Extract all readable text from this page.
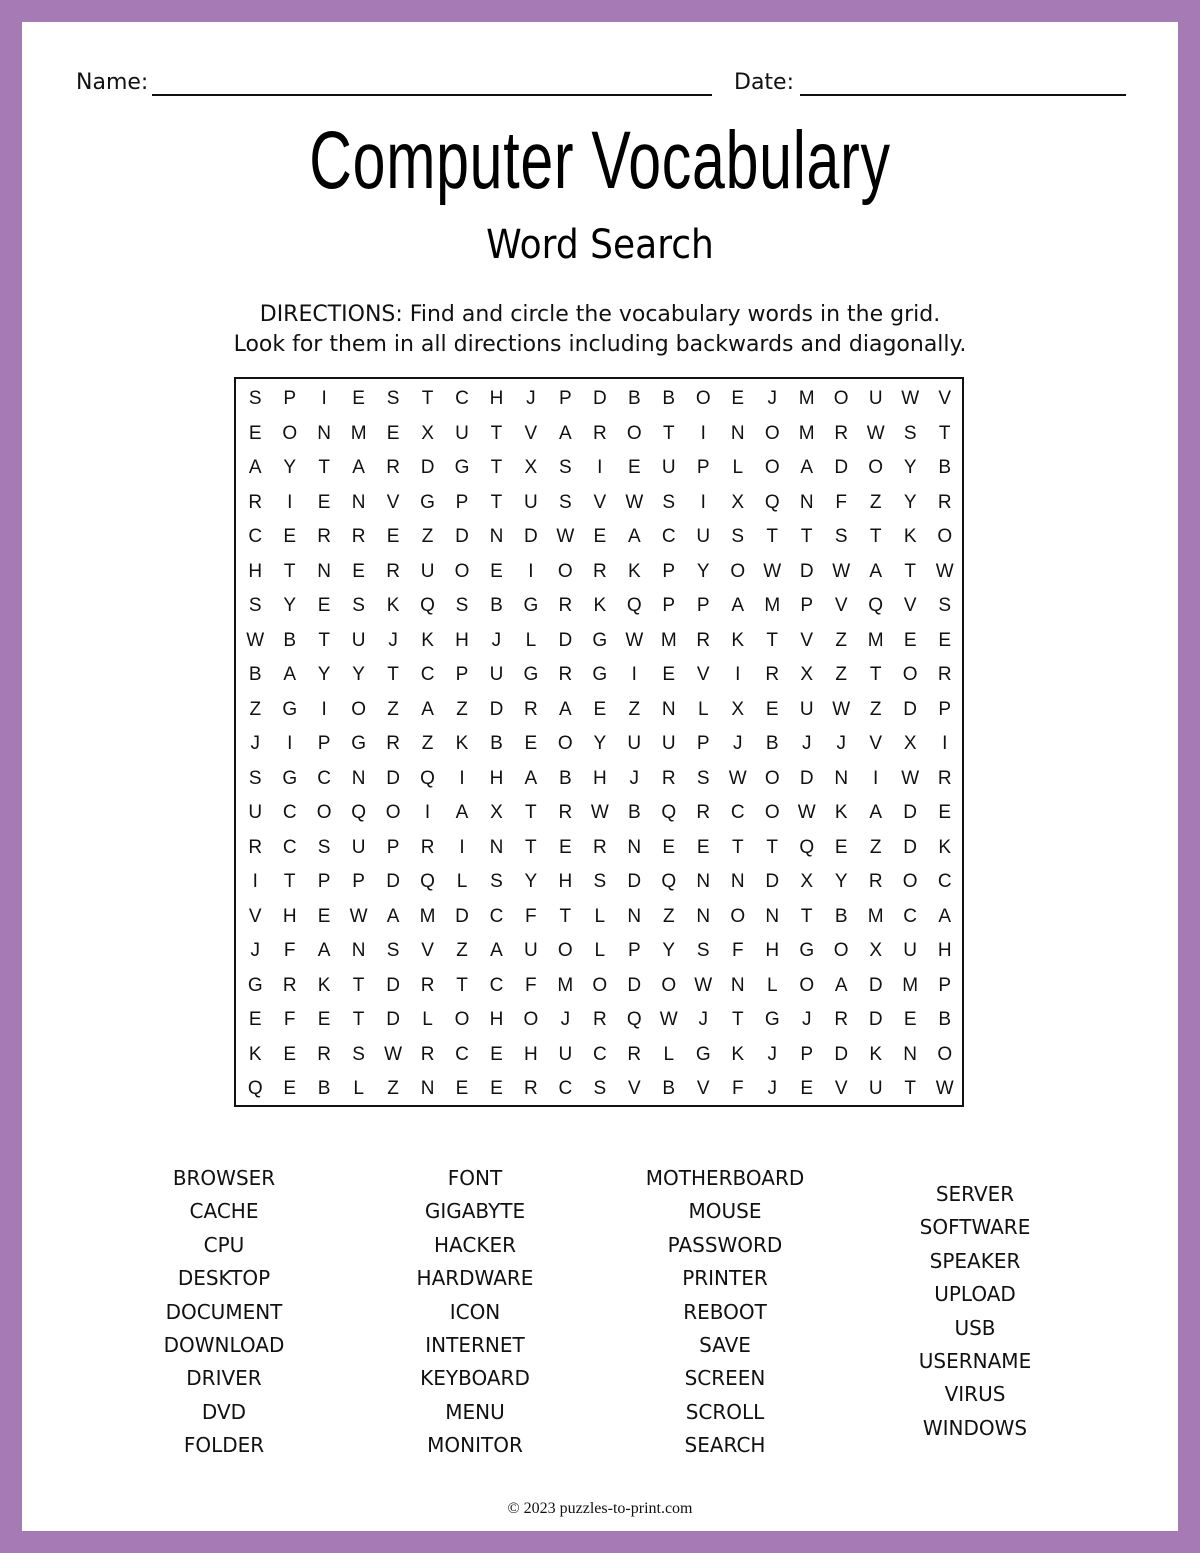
Name:	Date:
Computer Vocabulary
Word Search
DIRECTIONS: Find and circle the vocabulary words in the grid.
Look for them in all directions including backwards and diagonally.
S	P	I	E	S	T	C	H	J	P	D	B	B	O	E	J	M	O	U	W	V
E	O	N	M	E	X	U	T	V	A	R	O	T	I	N	O	M	R	W	S	T
A	Y	T	A	R	D	G	T	X	S	I	E	U	P	L	O	A	D	O	Y	B
R	I	E	N	V	G	P	T	U	S	V	W	S	I	X	Q	N	F	Z	Y	R
C	E	R	R	E	Z	D	N	D	W	E	A	C	U	S	T	T	S	T	K	O
H	T	N	E	R	U	O	E	I	O	R	K	P	Y	O	W	D	W	A	T	W
S	Y	E	S	K	Q	S	B	G	R	K	Q	P	P	A	M	P	V	Q	V	S
W	B	T	U	J	K	H	J	L	D	G	W	M	R	K	T	V	Z	M	E	E
B	A	Y	Y	T	C	P	U	G	R	G	I	E	V	I	R	X	Z	T	O	R
Z	G	I	O	Z	A	Z	D	R	A	E	Z	N	L	X	E	U	W	Z	D	P
J	I	P	G	R	Z	K	B	E	O	Y	U	U	P	J	B	J	J	V	X	I
S	G	C	N	D	Q	I	H	A	B	H	J	R	S	W	O	D	N	I	W	R
U	C	O	Q	O	I	A	X	T	R	W	B	Q	R	C	O	W	K	A	D	E
R	C	S	U	P	R	I	N	T	E	R	N	E	E	T	T	Q	E	Z	D	K
I	T	P	P	D	Q	L	S	Y	H	S	D	Q	N	N	D	X	Y	R	O	C
V	H	E	W	A	M	D	C	F	T	L	N	Z	N	O	N	T	B	M	C	A
J	F	A	N	S	V	Z	A	U	O	L	P	Y	S	F	H	G	O	X	U	H
G	R	K	T	D	R	T	C	F	M	O	D	O	W	N	L	O	A	D	M	P
E	F	E	T	D	L	O	H	O	J	R	Q	W	J	T	G	J	R	D	E	B
K	E	R	S	W	R	C	E	H	U	C	R	L	G	K	J	P	D	K	N	O
Q	E	B	L	Z	N	E	E	R	C	S	V	B	V	F	J	E	V	U	T	W
BROWSER
CACHE
CPU
DESKTOP
DOCUMENT
DOWNLOAD
DRIVER
DVD
FOLDER
FONT
GIGABYTE
HACKER
HARDWARE
ICON
INTERNET
KEYBOARD
MENU
MONITOR
MOTHERBOARD
MOUSE
PASSWORD
PRINTER
REBOOT
SAVE
SCREEN
SCROLL
SEARCH
SERVER
SOFTWARE
SPEAKER
UPLOAD
USB
USERNAME
VIRUS
WINDOWS
© 2023 puzzles-to-print.com
